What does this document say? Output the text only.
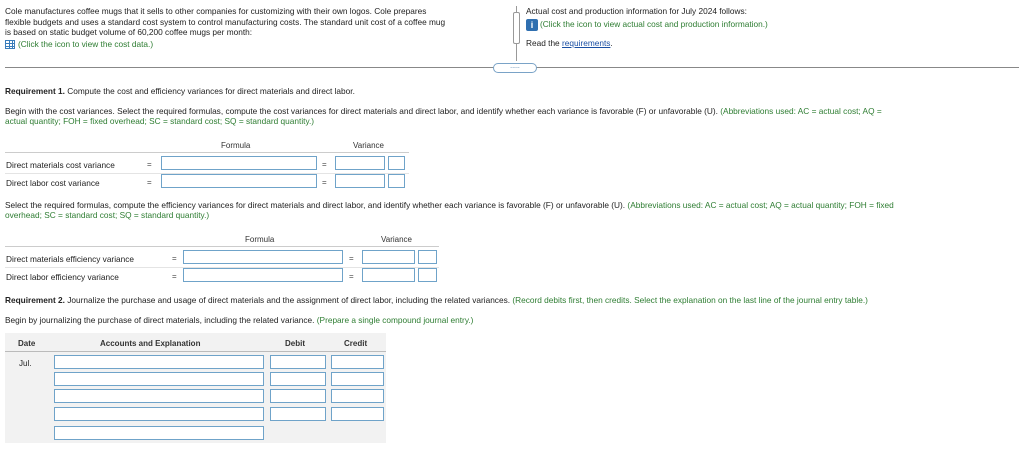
Cole manufactures coffee mugs that it sells to other companies for customizing with their own logos. Cole prepares
flexible budgets and uses a standard cost system to control manufacturing costs. The standard unit cost of a coffee mug
is based on static budget volume of 60,200 coffee mugs per month:
(Click the icon to view the cost data.)
Actual cost and production information for July 2024 follows:
i (Click the icon to view actual cost and production information.)
Read the requirements.
.....
Requirement 1. Compute the cost and efficiency variances for direct materials and direct labor.
Begin with the cost variances. Select the required formulas, compute the cost variances for direct materials and direct labor, and identify whether each variance is favorable (F) or unfavorable (U). (Abbreviations used: AC = actual cost; AQ =
actual quantity; FOH = fixed overhead; SC = standard cost; SQ = standard quantity.)
Formula	Variance
Direct materials cost variance	=	=
Direct labor cost variance	=	=
Select the required formulas, compute the efficiency variances for direct materials and direct labor, and identify whether each variance is favorable (F) or unfavorable (U). (Abbreviations used: AC = actual cost; AQ = actual quantity; FOH = fixed
overhead; SC = standard cost; SQ = standard quantity.)
Formula	Variance
Direct materials efficiency variance	=	=
Direct labor efficiency variance	=	=
Requirement 2. Journalize the purchase and usage of direct materials and the assignment of direct labor, including the related variances. (Record debits first, then credits. Select the explanation on the last line of the journal entry table.)
Begin by journalizing the purchase of direct materials, including the related variance. (Prepare a single compound journal entry.)
Date	Accounts and Explanation	Debit	Credit
Jul.
